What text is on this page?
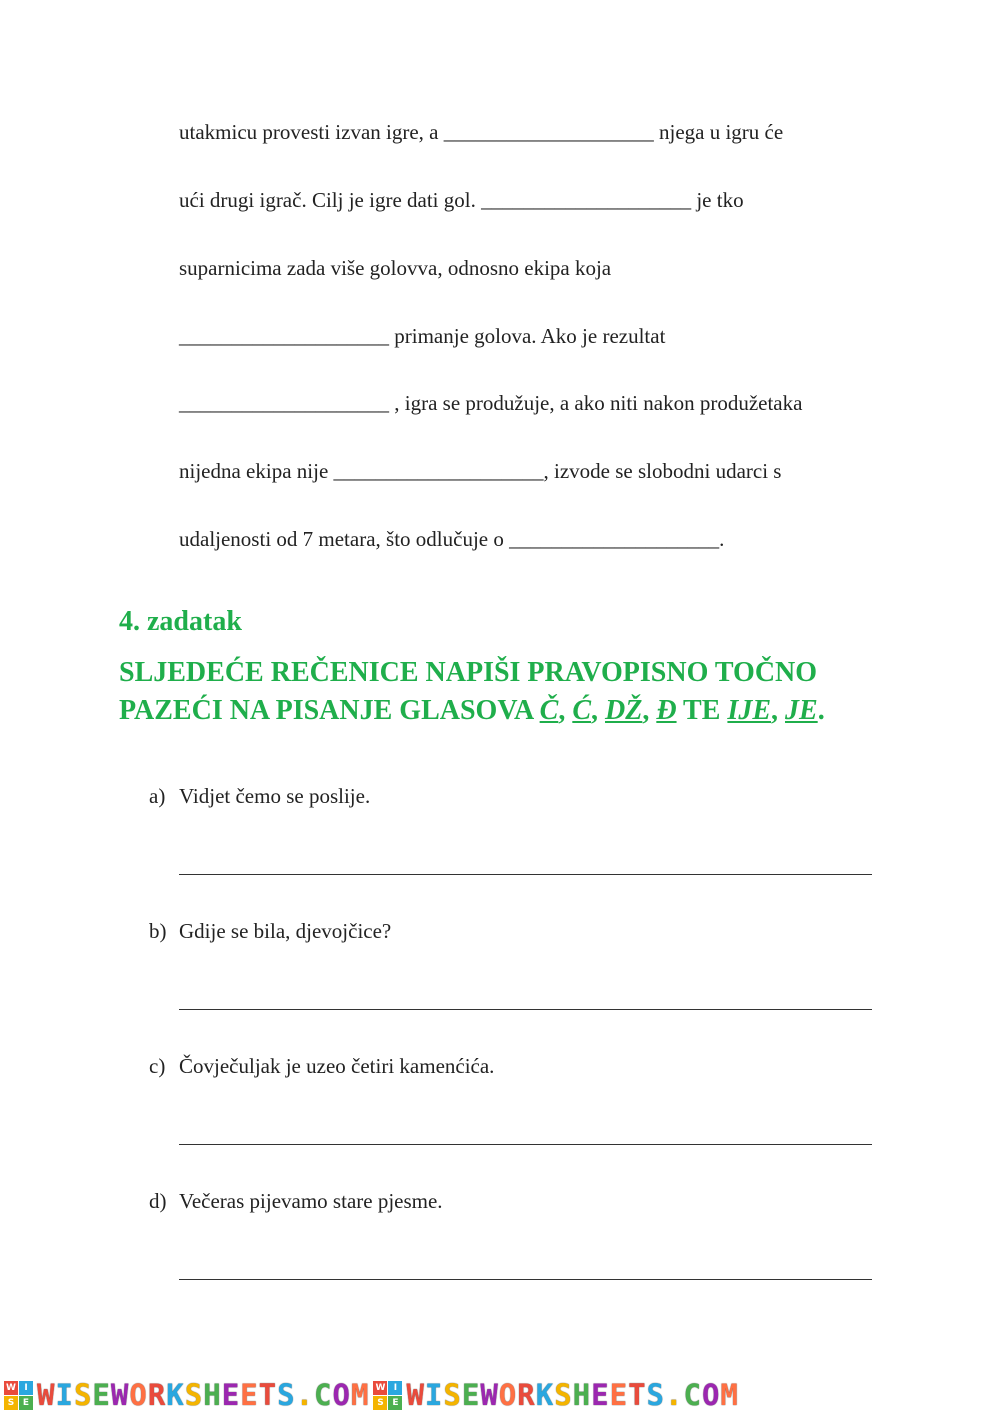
utakmicu provesti izvan igre, a ____________________ njega u igru će
ući drugi igrač. Cilj je igre dati gol. ____________________ je tko
suparnicima zada više golovva, odnosno ekipa koja
____________________ primanje golova. Ako je rezultat
____________________ , igra se produžuje, a ako niti nakon produžetaka
nijedna ekipa nije ____________________, izvode se slobodni udarci s
udaljenosti od 7 metara, što odlučuje o ____________________.
4. zadatak
SLJEDEĆE REČENICE NAPIŠI PRAVOPISNO TOČNO PAZEĆI NA PISANJE GLASOVA Č, Ć, DŽ, Đ TE IJE, JE.
a) Vidjet čemo se poslije.
b) Gdije se bila, djevojčice?
c) Čovječuljak je uzeo četiri kamenćića.
d) Večeras pijevamo stare pjesme.
W I
S E WISEWORKSHEETS.COM W I
S E WISEWORKSHEETS.COM
